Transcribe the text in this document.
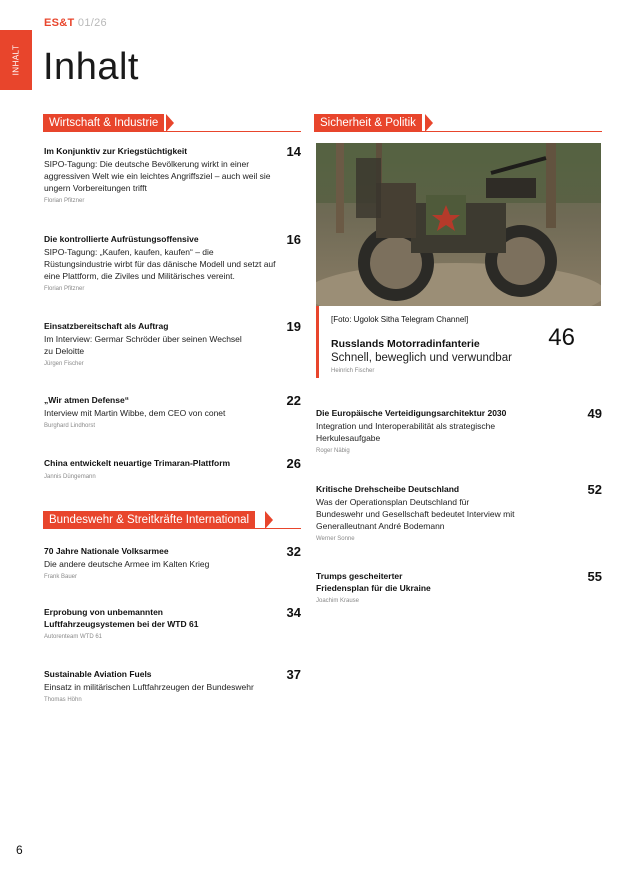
INHALT
ES&T 01/26
Inhalt
Wirtschaft & Industrie	Sicherheit & Politik
Im Konjunktiv zur Kriegstüchtigkeit
SIPO-Tagung: Die deutsche Bevölkerung wirkt in einer aggressiven Welt wie ein leichtes Angriffsziel – auch weil sie ungern Vorbereitungen trifft
Florian Pfitzner
14
Die kontrollierte Aufrüstungsoffensive
SIPO-Tagung: „Kaufen, kaufen, kaufen“ – die Rüstungsindustrie wirbt für das dänische Modell und setzt auf eine Plattform, die Ziviles und Militärisches vereint.
Florian Pfitzner
16
Einsatzbereitschaft als Auftrag
Im Interview: Germar Schröder über seinen Wechsel zu Deloitte
Jürgen Fischer
19
„Wir atmen Defense“
Interview mit Martin Wibbe, dem CEO von conet
Burghard Lindhorst
22
China entwickelt neuartige Trimaran-Plattform
Jannis Düngemann
26
Bundeswehr & Streitkräfte International
70 Jahre Nationale Volksarmee
Die andere deutsche Armee im Kalten Krieg
Frank Bauer
32
Erprobung von unbemannten Luftfahrzeugsystemen bei der WTD 61
Autorenteam WTD 61
34
Sustainable Aviation Fuels
Einsatz in militärischen Luftfahrzeugen der Bundeswehr
Thomas Höhn
37
[Foto: Ugolok Sitha Telegram Channel]
Russlands Motorradinfanterie
Schnell, beweglich und verwundbar
Heinrich Fischer
46
Die Europäische Verteidigungsarchitektur 2030
Integration und Interoperabilität als strategische Herkulesaufgabe
Roger Näbig
49
Kritische Drehscheibe Deutschland
Was der Operationsplan Deutschland für Bundeswehr und Gesellschaft bedeutet Interview mit Generalleutnant André Bodemann
Werner Sonne
52
Trumps gescheiterter Friedensplan für die Ukraine
Joachim Krause
55
6
